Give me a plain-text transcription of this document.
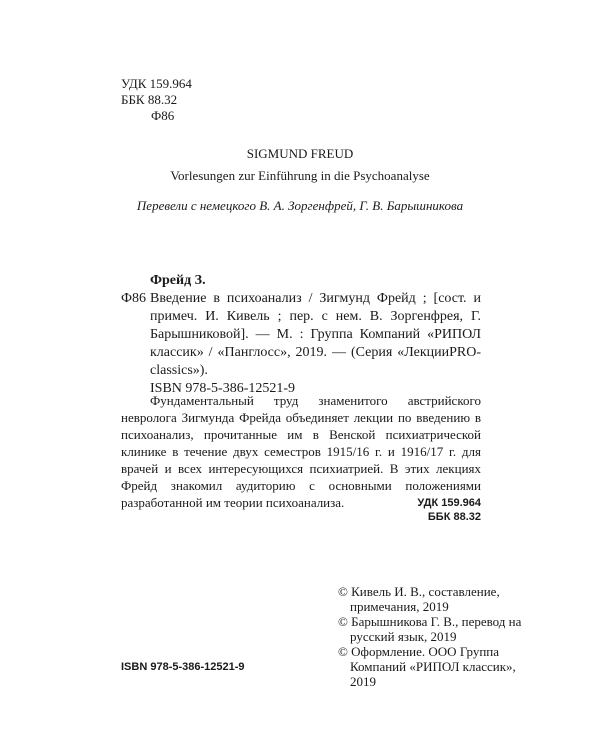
УДК 159.964
ББК 88.32
Ф86
SIGMUND FREUD
Vorlesungen zur Einführung in die Psychoanalyse
Перевели с немецкого В. А. Зоргенфрей, Г. В. Барышникова
Фрейд З.
Ф86 Введение в психоанализ / Зигмунд Фрейд ; [сост. и примеч. И. Кивель ; пер. с нем. В. Зоргенфрея, Г. Барышниковой]. — М. : Группа Компаний «РИПОЛ классик» / «Панглосс», 2019. — (Серия «ЛекцииPRO-classics»).
ISBN 978-5-386-12521-9

Фундаментальный труд знаменитого австрийского невролога Зигмунда Фрейда объединяет лекции по введению в психоанализ, прочитанные им в Венской психиатрической клинике в течение двух семестров 1915/16 г. и 1916/17 г. для врачей и всех интересующихся психиатрией. В этих лекциях Фрейд знакомил аудиторию с основными положениями разработанной им теории психоанализа.	УДК 159.964
ББК 88.32
© Кивель И. В., составление, примечания, 2019
© Барышникова Г. В., перевод на русский язык, 2019
© Оформление. ООО Группа Компаний «РИПОЛ классик», 2019
ISBN 978-5-386-12521-9
